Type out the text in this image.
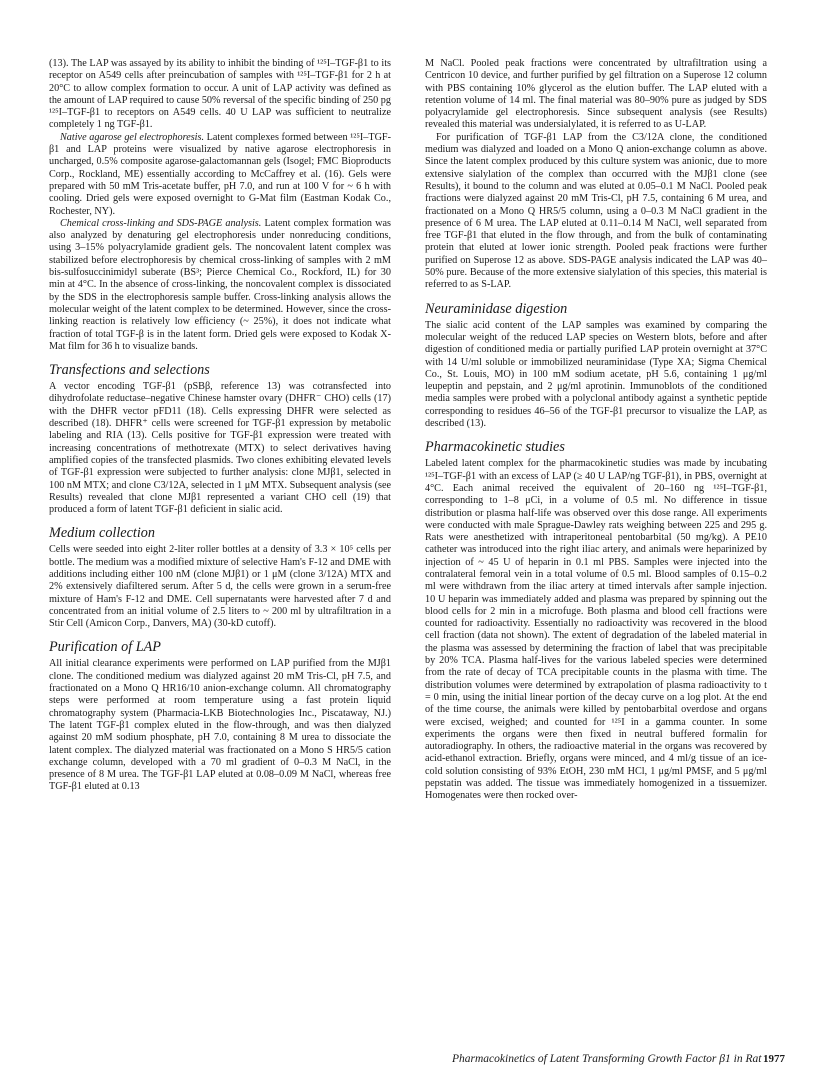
(13). The LAP was assayed by its ability to inhibit the binding of ¹²⁵I–TGF-β1 to its receptor on A549 cells after preincubation of samples with ¹²⁵I–TGF-β1 for 2 h at 20°C to allow complex formation to occur. A unit of LAP activity was defined as the amount of LAP required to cause 50% reversal of the specific binding of 250 pg ¹²⁵I–TGF-β1 to receptors on A549 cells. 40 U LAP was sufficient to neutralize completely 1 ng TGF-β1.

Native agarose gel electrophoresis. Latent complexes formed between ¹²⁵I–TGF-β1 and LAP proteins were visualized by native agarose electrophoresis in uncharged, 0.5% composite agarose-galactomannan gels (Isogel; FMC Bioproducts Corp., Rockland, ME) essentially according to McCaffrey et al. (16). Gels were prepared with 50 mM Tris-acetate buffer, pH 7.0, and run at 100 V for ~ 6 h with cooling. Dried gels were exposed overnight to G-Mat film (Eastman Kodak Co., Rochester, NY).

Chemical cross-linking and SDS-PAGE analysis. Latent complex formation was also analyzed by denaturing gel electrophoresis under nonreducing conditions, using 3–15% polyacrylamide gradient gels. The noncovalent latent complex was stabilized before electrophoresis by chemical cross-linking of samples with 2 mM bis-sulfosuccinimidyl suberate (BS³; Pierce Chemical Co., Rockford, IL) for 30 min at 4°C. In the absence of cross-linking, the noncovalent complex is dissociated by the SDS in the electrophoresis sample buffer. Cross-linking analysis allows the molecular weight of the latent complex to be determined. However, since the cross-linking reaction is relatively low efficiency (~ 25%), it does not indicate what fraction of total TGF-β is in the latent form. Dried gels were exposed to Kodak X-Mat film for 36 h to visualize bands.

Transfections and selections

A vector encoding TGF-β1 (pSBβ, reference 13) was cotransfected into dihydrofolate reductase–negative Chinese hamster ovary (DHFR⁻ CHO) cells (17) with the DHFR vector pFD11 (18). Cells expressing DHFR were selected as described (18). DHFR⁺ cells were screened for TGF-β1 expression by metabolic labeling and RIA (13). Cells positive for TGF-β1 expression were treated with increasing concentrations of methotrexate (MTX) to select derivatives having amplified copies of the transfected plasmids. Two clones exhibiting elevated levels of TGF-β1 expression were subjected to further analysis: clone MJβ1, selected in 100 nM MTX; and clone C3/12A, selected in 1 μM MTX. Subsequent analysis (see Results) revealed that clone MJβ1 represented a variant CHO cell (19) that produced a form of latent TGF-β1 deficient in sialic acid.

Medium collection

Cells were seeded into eight 2-liter roller bottles at a density of 3.3 × 10⁵ cells per bottle. The medium was a modified mixture of selective Ham's F-12 and DME with additions including either 100 nM (clone MJβ1) or 1 μM (clone 3/12A) MTX and 2% extensively diafiltered serum. After 5 d, the cells were grown in a serum-free mixture of Ham's F-12 and DME. Cell supernatants were harvested after 7 d and concentrated from an initial volume of 2.5 liters to ~ 200 ml by ultrafiltration in a Stir Cell (Amicon Corp., Danvers, MA) (30-kD cutoff).

Purification of LAP

All initial clearance experiments were performed on LAP purified from the MJβ1 clone. The conditioned medium was dialyzed against 20 mM Tris-Cl, pH 7.5, and fractionated on a Mono Q HR16/10 anion-exchange column. All chromatography steps were performed at room temperature using a fast protein liquid chromatography system (Pharmacia-LKB Biotechnologies Inc., Piscataway, NJ.) The latent TGF-β1 complex eluted in the flow-through, and was then dialyzed against 20 mM sodium phosphate, pH 7.0, containing 8 M urea to dissociate the latent complex. The dialyzed material was fractionated on a Mono S HR5/5 cation exchange column, developed with a 70 ml gradient of 0–0.3 M NaCl, in the presence of 8 M urea. The TGF-β1 LAP eluted at 0.08–0.09 M NaCl, whereas free TGF-β1 eluted at 0.13

M NaCl. Pooled peak fractions were concentrated by ultrafiltration using a Centricon 10 device, and further purified by gel filtration on a Superose 12 column with PBS containing 10% glycerol as the elution buffer. The LAP eluted with a retention volume of 14 ml. The final material was 80–90% pure as judged by SDS polyacrylamide gel electrophoresis. Since subsequent analysis (see Results) revealed this material was undersialylated, it is referred to as U-LAP.

For purification of TGF-β1 LAP from the C3/12A clone, the conditioned medium was dialyzed and loaded on a Mono Q anion-exchange column as above. Since the latent complex produced by this culture system was anionic, due to more extensive sialylation of the complex than occurred with the MJβ1 clone (see Results), it bound to the column and was eluted at 0.05–0.1 M NaCl. Pooled peak fractions were dialyzed against 20 mM Tris-Cl, pH 7.5, containing 6 M urea, and fractionated on a Mono Q HR5/5 column, using a 0–0.3 M NaCl gradient in the presence of 6 M urea. The LAP eluted at 0.11–0.14 M NaCl, well separated from free TGF-β1 that eluted in the flow through, and from the bulk of contaminating protein that eluted at lower ionic strength. Pooled peak fractions were further purified on Superose 12 as above. SDS-PAGE analysis indicated the LAP was 40–50% pure. Because of the more extensive sialylation of this species, this material is referred to as S-LAP.

Neuraminidase digestion

The sialic acid content of the LAP samples was examined by comparing the molecular weight of the reduced LAP species on Western blots, before and after digestion of conditioned media or partially purified LAP protein overnight at 37°C with 14 U/ml soluble or immobilized neuraminidase (Type XA; Sigma Chemical Co., St. Louis, MO) in 100 mM sodium acetate, pH 5.6, containing 1 μg/ml leupeptin and pepstain, and 2 μg/ml aprotinin. Immunoblots of the conditioned media samples were probed with a polyclonal antibody against a synthetic peptide corresponding to residues 46–56 of the TGF-β1 precursor to visualize the LAP, as described (13).

Pharmacokinetic studies

Labeled latent complex for the pharmacokinetic studies was made by incubating ¹²⁵I–TGF-β1 with an excess of LAP (≥ 40 U LAP/ng TGF-β1), in PBS, overnight at 4°C. Each animal received the equivalent of 20–160 ng ¹²⁵I–TGF-β1, corresponding to 1–8 μCi, in a volume of 0.5 ml. No difference in tissue distribution or plasma half-life was observed over this dose range. All experiments were conducted with male Sprague-Dawley rats weighing between 225 and 295 g. Rats were anesthetized with intraperitoneal pentobarbital (50 mg/kg). A PE10 catheter was introduced into the right iliac artery, and animals were heparinized by injection of ~ 45 U of heparin in 0.1 ml PBS. Samples were injected into the contralateral femoral vein in a total volume of 0.5 ml. Blood samples of 0.15–0.2 ml were withdrawn from the iliac artery at timed intervals after sample injection. 10 U heparin was immediately added and plasma was prepared by spinning out the blood cells for 2 min in a microfuge. Both plasma and blood cell fractions were counted for radioactivity. Essentially no radioactivity was recovered in the blood cell fraction (data not shown). The extent of degradation of the labeled material in the plasma was assessed by determining the fraction of label that was precipitable by 20% TCA. Plasma half-lives for the various labeled species were determined from the rate of decay of TCA precipitable counts in the plasma with time. The distribution volumes were determined by extrapolation of plasma radioactivity to t = 0 min, using the initial linear portion of the decay curve on a log plot. At the end of the time course, the animals were killed by pentobarbital overdose and organs were excised, weighed; and counted for ¹²⁵I in a gamma counter. In some experiments the organs were then fixed in neutral buffered formalin for autoradiography. In others, the radioactive material in the organs was recovered by acid-ethanol extraction. Briefly, organs were minced, and 4 ml/g tissue of an ice-cold solution consisting of 93% EtOH, 230 mM HCl, 1 μg/ml PMSF, and 5 μg/ml pepstatin was added. The tissue was immediately homogenized in a tissuemizer. Homogenates were then rocked over-

Pharmacokinetics of Latent Transforming Growth Factor β1 in Rat 1977
